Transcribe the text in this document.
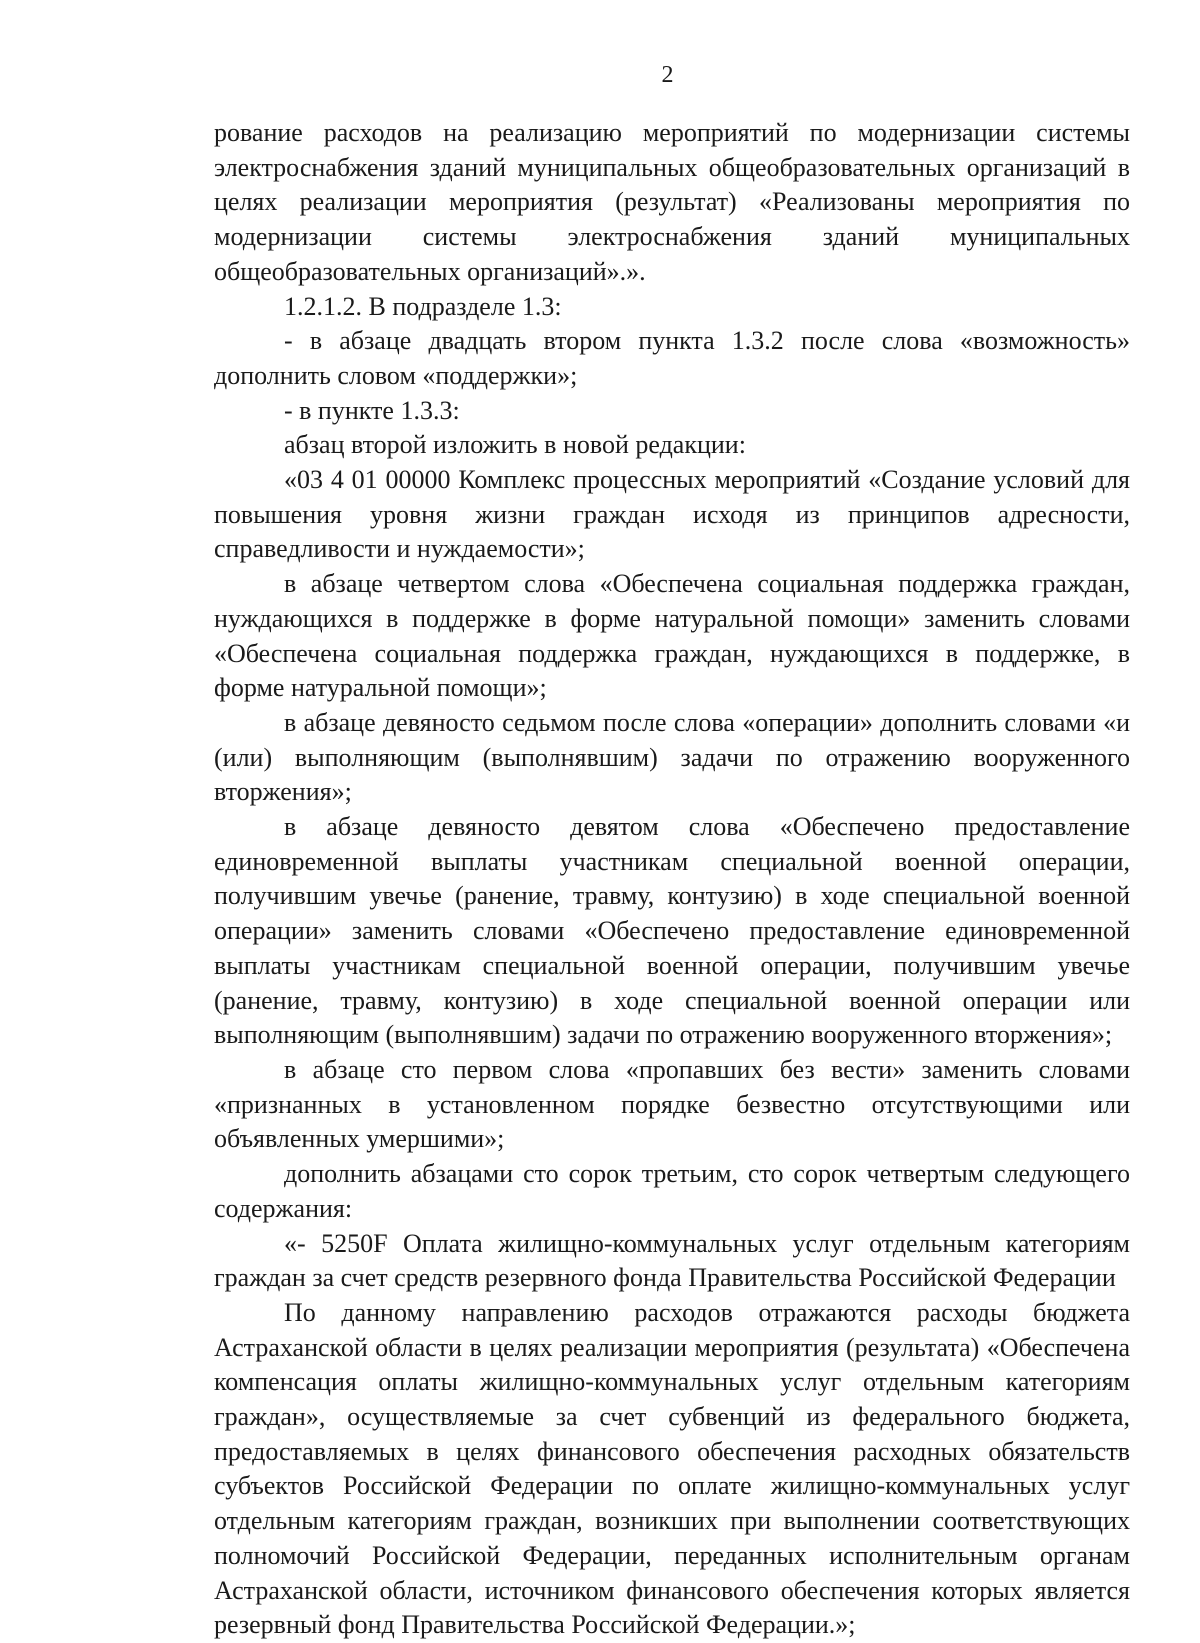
2

рование расходов на реализацию мероприятий по модернизации системы электроснабжения зданий муниципальных общеобразовательных организаций в целях реализации мероприятия (результат) «Реализованы мероприятия по модернизации системы электроснабжения зданий муниципальных общеобразовательных организаций».».

1.2.1.2. В подразделе 1.3:

- в абзаце двадцать втором пункта 1.3.2 после слова «возможность» дополнить словом «поддержки»;

- в пункте 1.3.3:

абзац второй изложить в новой редакции:

«03 4 01 00000 Комплекс процессных мероприятий «Создание условий для повышения уровня жизни граждан исходя из принципов адресности, справедливости и нуждаемости»;

в абзаце четвертом слова «Обеспечена социальная поддержка граждан, нуждающихся в поддержке в форме натуральной помощи» заменить словами «Обеспечена социальная поддержка граждан, нуждающихся в поддержке, в форме натуральной помощи»;

в абзаце девяносто седьмом после слова «операции» дополнить словами «и (или) выполняющим (выполнявшим) задачи по отражению вооруженного вторжения»;

в абзаце девяносто девятом слова «Обеспечено предоставление единовременной выплаты участникам специальной военной операции, получившим увечье (ранение, травму, контузию) в ходе специальной военной операции» заменить словами «Обеспечено предоставление единовременной выплаты участникам специальной военной операции, получившим увечье (ранение, травму, контузию) в ходе специальной военной операции или выполняющим (выполнявшим) задачи по отражению вооруженного вторжения»;

в абзаце сто первом слова «пропавших без вести» заменить словами «признанных в установленном порядке безвестно отсутствующими или объявленных умершими»;

дополнить абзацами сто сорок третьим, сто сорок четвертым следующего содержания:

«- 5250F Оплата жилищно-коммунальных услуг отдельным категориям граждан за счет средств резервного фонда Правительства Российской Федерации

По данному направлению расходов отражаются расходы бюджета Астраханской области в целях реализации мероприятия (результата) «Обеспечена компенсация оплаты жилищно-коммунальных услуг отдельным категориям граждан», осуществляемые за счет субвенций из федерального бюджета, предоставляемых в целях финансового обеспечения расходных обязательств субъектов Российской Федерации по оплате жилищно-коммунальных услуг отдельным категориям граждан, возникших при выполнении соответствующих полномочий Российской Федерации, переданных исполнительным органам Астраханской области, источником финансового обеспечения которых является резервный фонд Правительства Российской Федерации.»;
